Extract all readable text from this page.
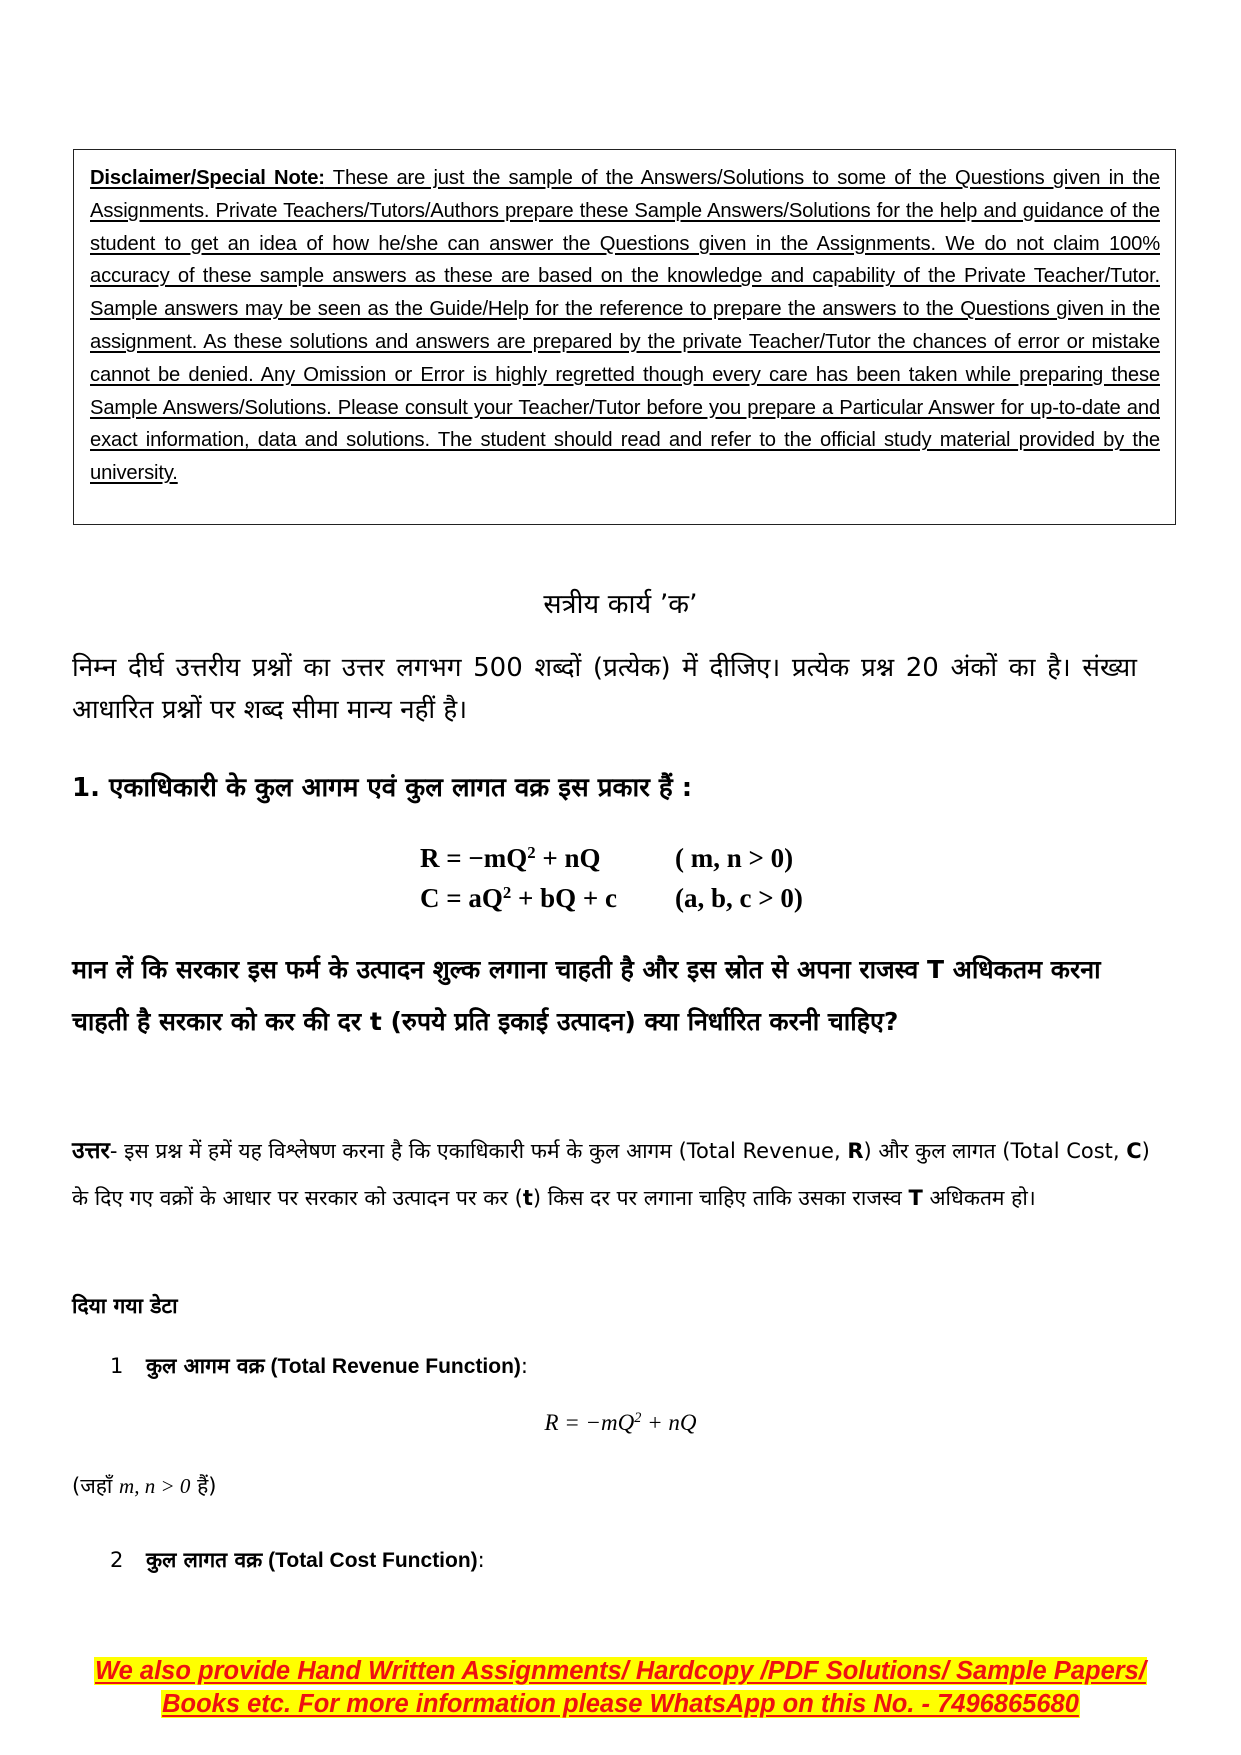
Disclaimer/Special Note: These are just the sample of the Answers/Solutions to some of the Questions given in the Assignments. Private Teachers/Tutors/Authors prepare these Sample Answers/Solutions for the help and guidance of the student to get an idea of how he/she can answer the Questions given in the Assignments. We do not claim 100% accuracy of these sample answers as these are based on the knowledge and capability of the Private Teacher/Tutor. Sample answers may be seen as the Guide/Help for the reference to prepare the answers to the Questions given in the assignment. As these solutions and answers are prepared by the private Teacher/Tutor the chances of error or mistake cannot be denied. Any Omission or Error is highly regretted though every care has been taken while preparing these Sample Answers/Solutions. Please consult your Teacher/Tutor before you prepare a Particular Answer for up-to-date and exact information, data and solutions. The student should read and refer to the official study material provided by the university.

सत्रीय कार्य ’क’
निम्न दीर्घ उत्तरीय प्रश्नों का उत्तर लगभग 500 शब्दों (प्रत्येक) में दीजिए। प्रत्येक प्रश्न 20 अंकों का है। संख्या आधारित प्रश्नों पर शब्द सीमा मान्य नहीं है।
1. एकाधिकारी के कुल आगम एवं कुल लागत वक्र इस प्रकार हैं :
$R = -mQ^2$ + nQ	( m, n > 0)
$C = aQ^2$ + bQ + c	(a, b, c > 0)
मान लें कि सरकार इस फर्म के उत्पादन शुल्क लगाना चाहती है और इस स्रोत से अपना राजस्व T अधिकतम करना चाहती है सरकार को कर की दर t (रुपये प्रति इकाई उत्पादन) क्या निर्धारित करनी चाहिए?
उत्तर- इस प्रश्न में हमें यह विश्लेषण करना है कि एकाधिकारी फर्म के कुल आगम (Total Revenue, R) और कुल लागत (Total Cost, C) के दिए गए वक्रों के आधार पर सरकार को उत्पादन पर कर (t) किस दर पर लगाना चाहिए ताकि उसका राजस्व T अधिकतम हो।
दिया गया डेटा
1 कुल आगम वक्र (Total Revenue Function):
$R = -mQ^2$ + nQ
(जहाँ m, n > 0 हैं)
2 कुल लागत वक्र (Total Cost Function):
We also provide Hand Written Assignments/ Hardcopy /PDF Solutions/ Sample Papers/
Books etc. For more information please WhatsApp on this No. - 7496865680
